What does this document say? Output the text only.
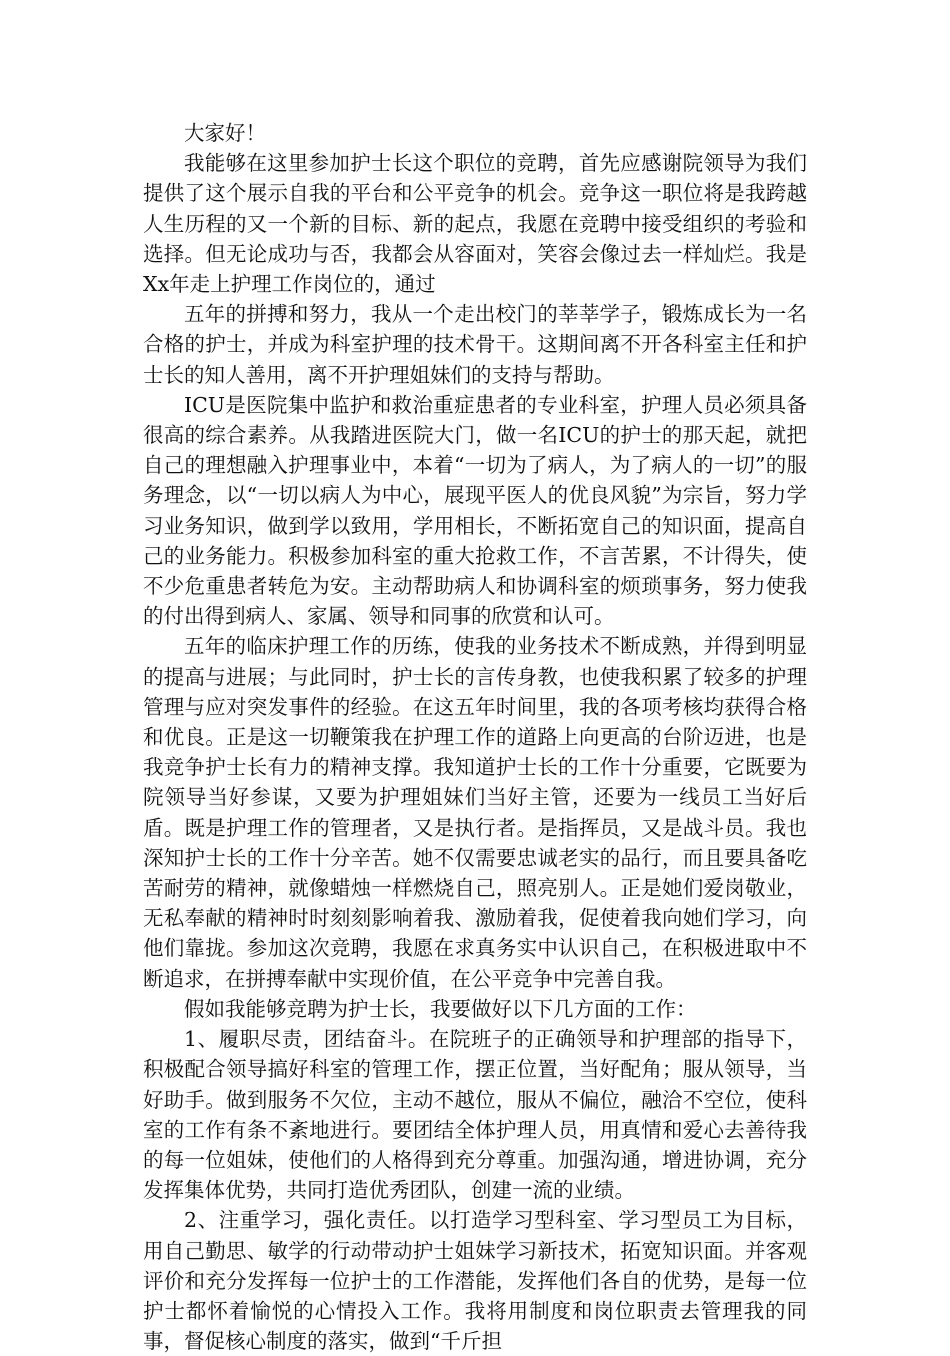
大家好！

我能够在这里参加护士长这个职位的竞聘，首先应感谢院领导为我们提供了这个展示自我的平台和公平竞争的机会。竞争这一职位将是我跨越人生历程的又一个新的目标、新的起点，我愿在竞聘中接受组织的考验和选择。但无论成功与否，我都会从容面对，笑容会像过去一样灿烂。我是Xx年走上护理工作岗位的，通过

五年的拼搏和努力，我从一个走出校门的莘莘学子，锻炼成长为一名合格的护士，并成为科室护理的技术骨干。这期间离不开各科室主任和护士长的知人善用，离不开护理姐妹们的支持与帮助。

ICU是医院集中监护和救治重症患者的专业科室，护理人员必须具备很高的综合素养。从我踏进医院大门，做一名ICU的护士的那天起，就把自己的理想融入护理事业中，本着“一切为了病人，为了病人的一切”的服务理念，以“一切以病人为中心，展现平医人的优良风貌”为宗旨，努力学习业务知识，做到学以致用，学用相长，不断拓宽自己的知识面，提高自己的业务能力。积极参加科室的重大抢救工作，不言苦累，不计得失，使不少危重患者转危为安。主动帮助病人和协调科室的烦琐事务，努力使我的付出得到病人、家属、领导和同事的欣赏和认可。

五年的临床护理工作的历练，使我的业务技术不断成熟，并得到明显的提高与进展；与此同时，护士长的言传身教，也使我积累了较多的护理管理与应对突发事件的经验。在这五年时间里，我的各项考核均获得合格和优良。正是这一切鞭策我在护理工作的道路上向更高的台阶迈进，也是我竞争护士长有力的精神支撑。我知道护士长的工作十分重要，它既要为院领导当好参谋，又要为护理姐妹们当好主管，还要为一线员工当好后盾。既是护理工作的管理者，又是执行者。是指挥员，又是战斗员。我也深知护士长的工作十分辛苦。她不仅需要忠诚老实的品行，而且要具备吃苦耐劳的精神，就像蜡烛一样燃烧自己，照亮别人。正是她们爱岗敬业，无私奉献的精神时时刻刻影响着我、激励着我，促使着我向她们学习，向他们靠拢。参加这次竞聘，我愿在求真务实中认识自己，在积极进取中不断追求，在拼搏奉献中实现价值，在公平竞争中完善自我。

假如我能够竞聘为护士长，我要做好以下几方面的工作：

1、履职尽责，团结奋斗。在院班子的正确领导和护理部的指导下，积极配合领导搞好科室的管理工作，摆正位置，当好配角；服从领导，当好助手。做到服务不欠位，主动不越位，服从不偏位，融洽不空位，使科室的工作有条不紊地进行。要团结全体护理人员，用真情和爱心去善待我的每一位姐妹，使他们的人格得到充分尊重。加强沟通，增进协调，充分发挥集体优势，共同打造优秀团队，创建一流的业绩。

2、注重学习，强化责任。以打造学习型科室、学习型员工为目标，用自己勤思、敏学的行动带动护士姐妹学习新技术，拓宽知识面。并客观评价和充分发挥每一位护士的工作潜能，发挥他们各自的优势，是每一位护士都怀着愉悦的心情投入工作。我将用制度和岗位职责去管理我的同事，督促核心制度的落实，做到“千斤担
